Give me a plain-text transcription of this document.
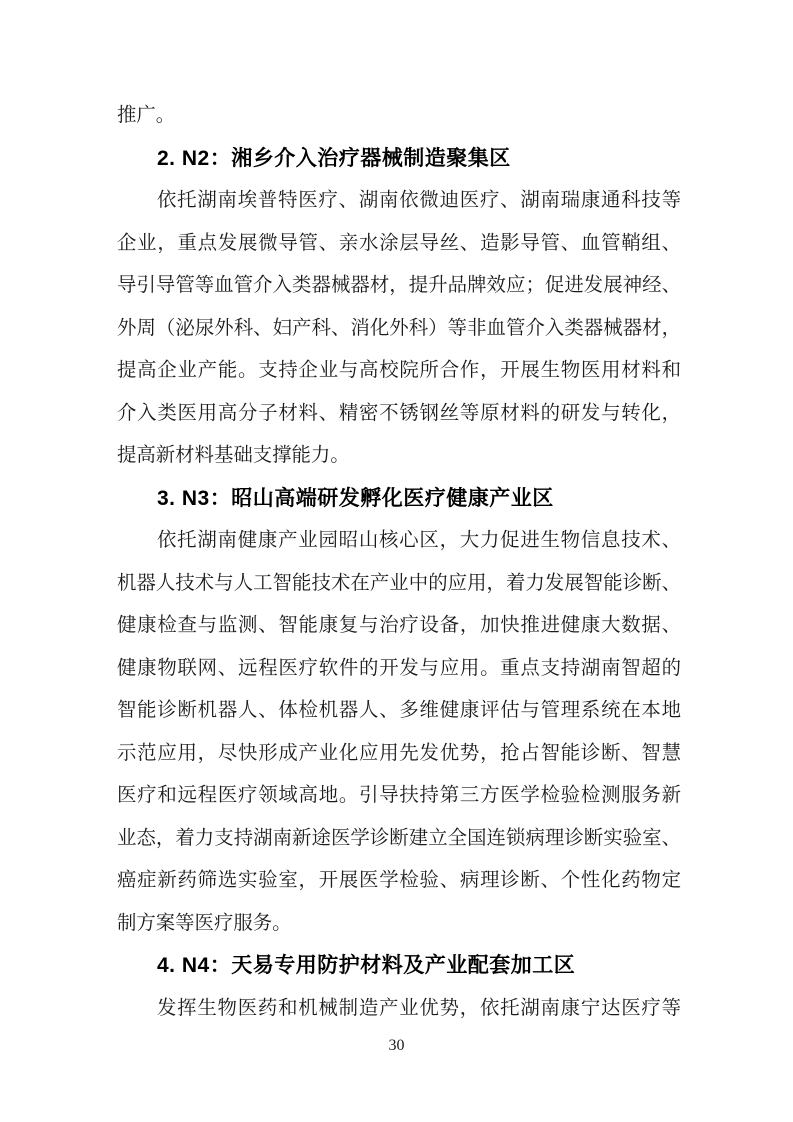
推广。
2. N2：湘乡介入治疗器械制造聚集区
依托湖南埃普特医疗、湖南依微迪医疗、湖南瑞康通科技等
企业，重点发展微导管、亲水涂层导丝、造影导管、血管鞘组、
导引导管等血管介入类器械器材，提升品牌效应；促进发展神经、
外周（泌尿外科、妇产科、消化外科）等非血管介入类器械器材，
提高企业产能。支持企业与高校院所合作，开展生物医用材料和
介入类医用高分子材料、精密不锈钢丝等原材料的研发与转化，
提高新材料基础支撑能力。
3. N3：昭山高端研发孵化医疗健康产业区
依托湖南健康产业园昭山核心区，大力促进生物信息技术、
机器人技术与人工智能技术在产业中的应用，着力发展智能诊断、
健康检查与监测、智能康复与治疗设备，加快推进健康大数据、
健康物联网、远程医疗软件的开发与应用。重点支持湖南智超的
智能诊断机器人、体检机器人、多维健康评估与管理系统在本地
示范应用，尽快形成产业化应用先发优势，抢占智能诊断、智慧
医疗和远程医疗领域高地。引导扶持第三方医学检验检测服务新
业态，着力支持湖南新途医学诊断建立全国连锁病理诊断实验室、
癌症新药筛选实验室，开展医学检验、病理诊断、个性化药物定
制方案等医疗服务。
4. N4：天易专用防护材料及产业配套加工区
发挥生物医药和机械制造产业优势，依托湖南康宁达医疗等
30
